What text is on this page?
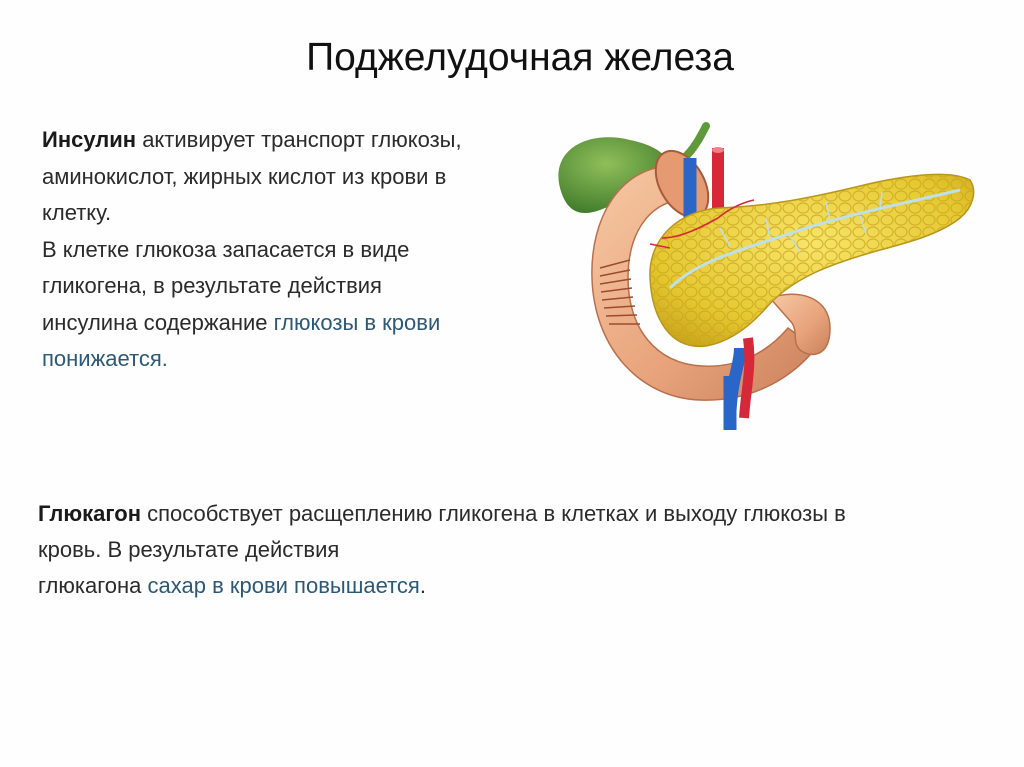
Поджелудочная железа
Инсулин активирует транспорт глюкозы,
аминокислот, жирных кислот из крови в
клетку.
В клетке глюкоза запасается в виде
гликогена, в результате действия
инсулина содержание глюкозы в крови
понижается.
Глюкагон способствует расщеплению гликогена в клетках и выходу глюкозы в
кровь. В результате действия
глюкагона сахар в крови повышается.
